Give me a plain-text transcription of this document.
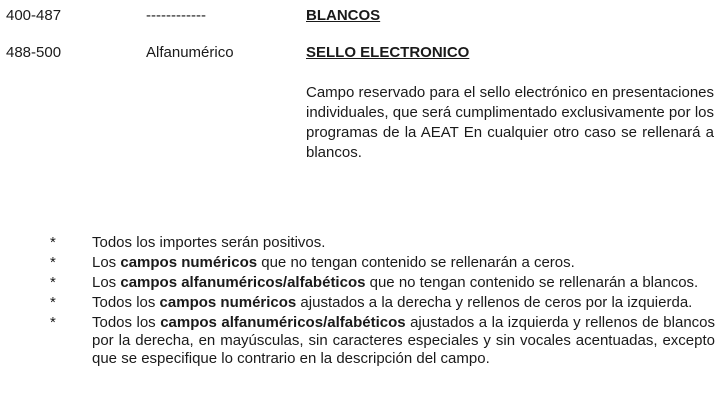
400-487	------------	BLANCOS
488-500	Alfanumérico	SELLO ELECTRONICO
Campo reservado para el sello electrónico en presentaciones individuales, que será cumplimentado exclusivamente por los programas de la AEAT En cualquier otro caso se rellenará a blancos.
* Todos los importes serán positivos.
* Los campos numéricos que no tengan contenido se rellenarán a ceros.
* Los campos alfanuméricos/alfabéticos que no tengan contenido se rellenarán a blancos.
* Todos los campos numéricos ajustados a la derecha y rellenos de ceros por la izquierda.
* Todos los campos alfanuméricos/alfabéticos ajustados a la izquierda y rellenos de blancos por la derecha, en mayúsculas, sin caracteres especiales y sin vocales acentuadas, excepto que se especifique lo contrario en la descripción del campo.
